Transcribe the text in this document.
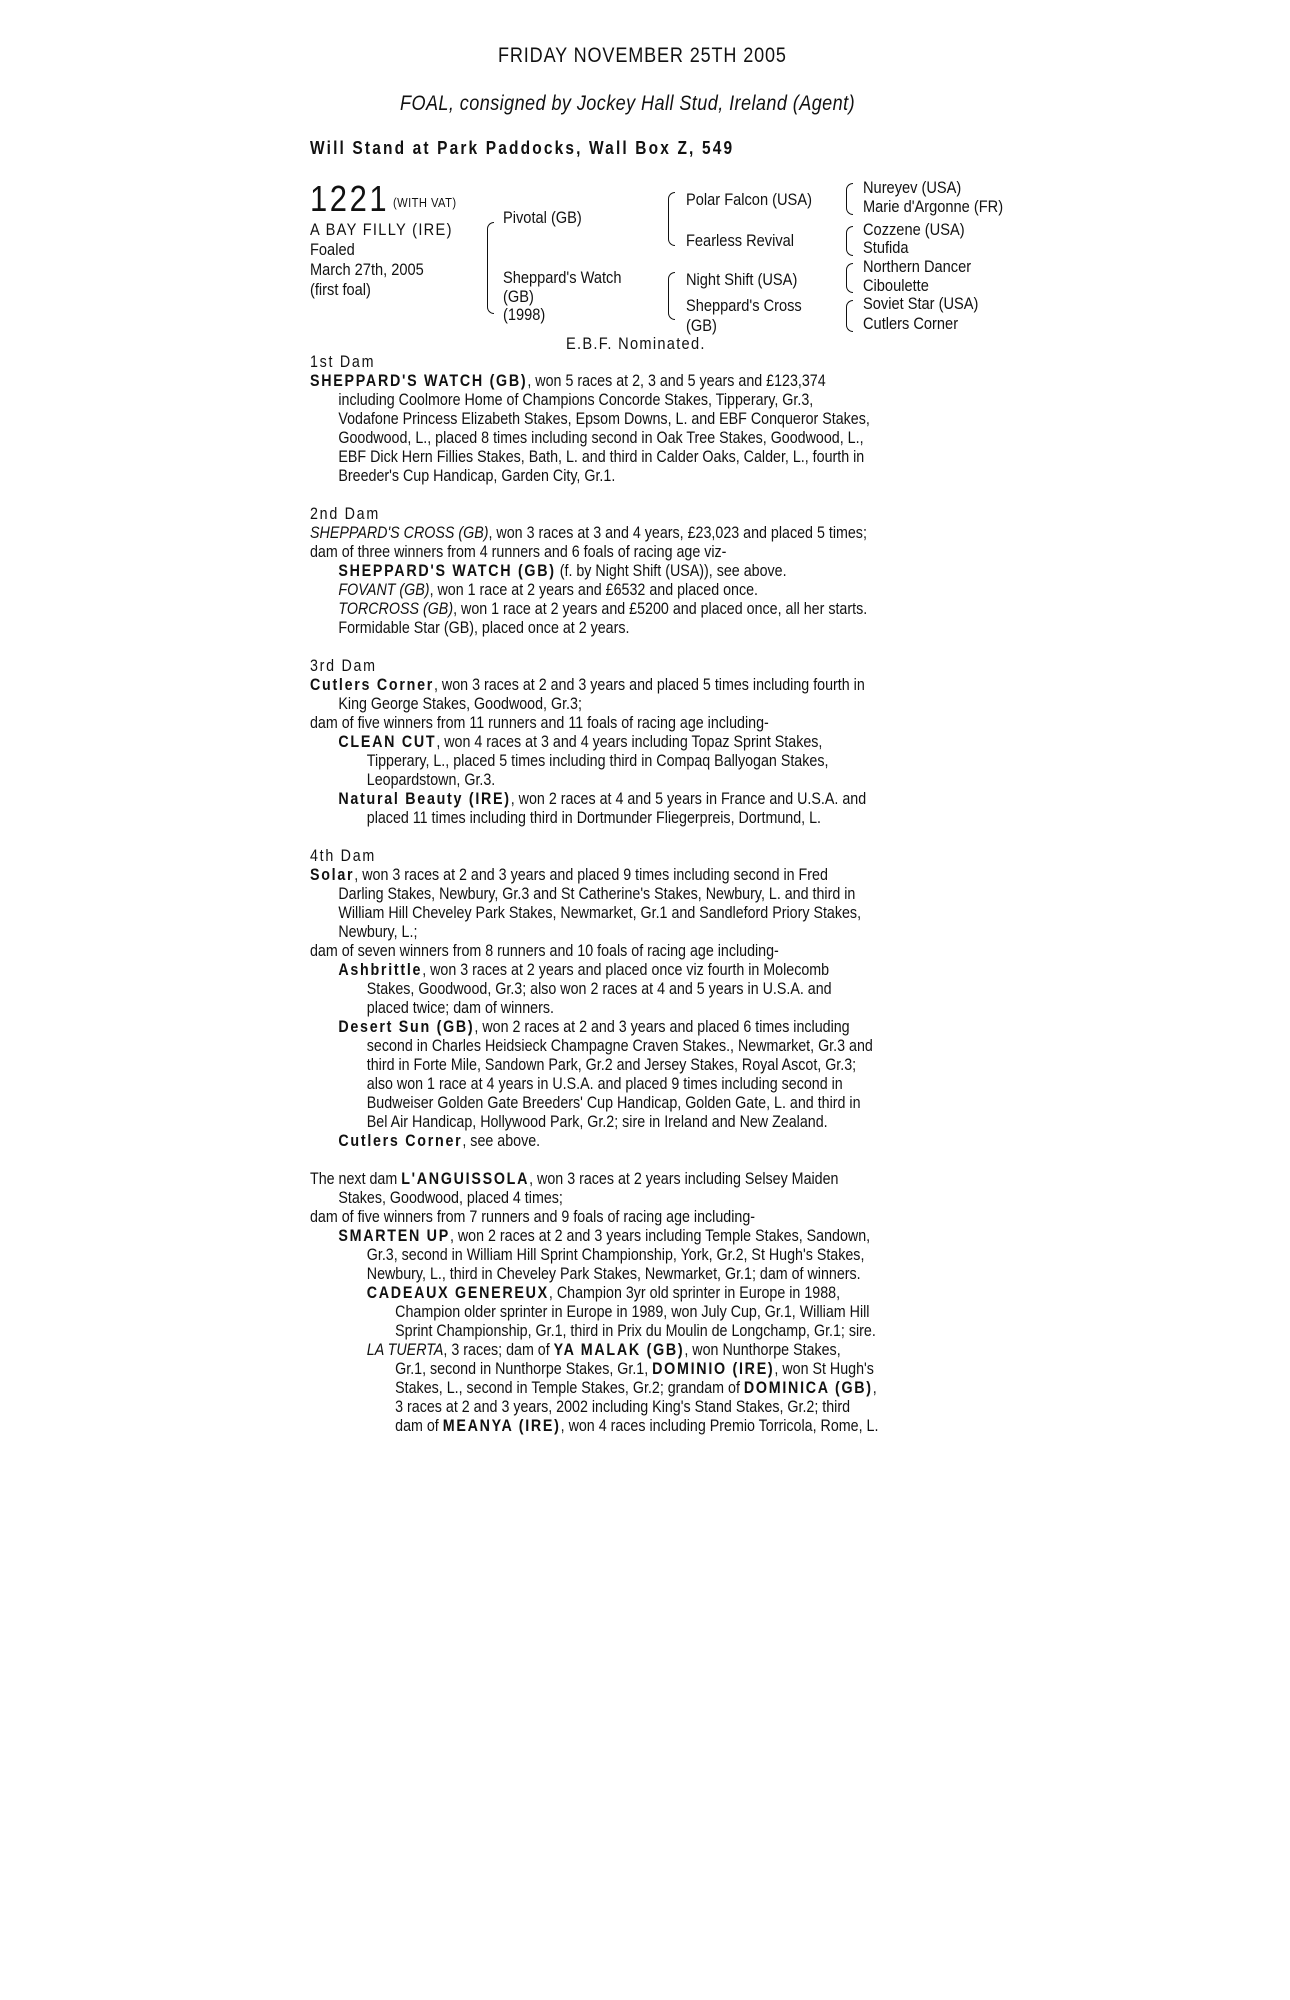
FRIDAY NOVEMBER 25TH 2005
FOAL, consigned by Jockey Hall Stud, Ireland (Agent)
Will Stand at Park Paddocks, Wall Box Z, 549
1221 (WITH VAT)
A BAY FILLY (IRE)
Foaled
March 27th, 2005
(first foal)
Pivotal (GB)
Sheppard's Watch
(GB)
(1998)
Polar Falcon (USA)
Fearless Revival
Night Shift (USA)
Sheppard's Cross
(GB)
Nureyev (USA)
Marie d'Argonne (FR)
Cozzene (USA)
Stufida
Northern Dancer
Ciboulette
Soviet Star (USA)
Cutlers Corner
E.B.F. Nominated.
1st Dam
SHEPPARD'S WATCH (GB), won 5 races at 2, 3 and 5 years and £123,374
including Coolmore Home of Champions Concorde Stakes, Tipperary, Gr.3,
Vodafone Princess Elizabeth Stakes, Epsom Downs, L. and EBF Conqueror Stakes,
Goodwood, L., placed 8 times including second in Oak Tree Stakes, Goodwood, L.,
EBF Dick Hern Fillies Stakes, Bath, L. and third in Calder Oaks, Calder, L., fourth in
Breeder's Cup Handicap, Garden City, Gr.1.
2nd Dam
SHEPPARD'S CROSS (GB), won 3 races at 3 and 4 years, £23,023 and placed 5 times;
dam of three winners from 4 runners and 6 foals of racing age viz-
SHEPPARD'S WATCH (GB) (f. by Night Shift (USA)), see above.
FOVANT (GB), won 1 race at 2 years and £6532 and placed once.
TORCROSS (GB), won 1 race at 2 years and £5200 and placed once, all her starts.
Formidable Star (GB), placed once at 2 years.
3rd Dam
Cutlers Corner, won 3 races at 2 and 3 years and placed 5 times including fourth in
King George Stakes, Goodwood, Gr.3;
dam of five winners from 11 runners and 11 foals of racing age including-
CLEAN CUT, won 4 races at 3 and 4 years including Topaz Sprint Stakes,
Tipperary, L., placed 5 times including third in Compaq Ballyogan Stakes,
Leopardstown, Gr.3.
Natural Beauty (IRE), won 2 races at 4 and 5 years in France and U.S.A. and
placed 11 times including third in Dortmunder Fliegerpreis, Dortmund, L.
4th Dam
Solar, won 3 races at 2 and 3 years and placed 9 times including second in Fred
Darling Stakes, Newbury, Gr.3 and St Catherine's Stakes, Newbury, L. and third in
William Hill Cheveley Park Stakes, Newmarket, Gr.1 and Sandleford Priory Stakes,
Newbury, L.;
dam of seven winners from 8 runners and 10 foals of racing age including-
Ashbrittle, won 3 races at 2 years and placed once viz fourth in Molecomb
Stakes, Goodwood, Gr.3; also won 2 races at 4 and 5 years in U.S.A. and
placed twice; dam of winners.
Desert Sun (GB), won 2 races at 2 and 3 years and placed 6 times including
second in Charles Heidsieck Champagne Craven Stakes., Newmarket, Gr.3 and
third in Forte Mile, Sandown Park, Gr.2 and Jersey Stakes, Royal Ascot, Gr.3;
also won 1 race at 4 years in U.S.A. and placed 9 times including second in
Budweiser Golden Gate Breeders' Cup Handicap, Golden Gate, L. and third in
Bel Air Handicap, Hollywood Park, Gr.2; sire in Ireland and New Zealand.
Cutlers Corner, see above.
The next dam L'ANGUISSOLA, won 3 races at 2 years including Selsey Maiden
Stakes, Goodwood, placed 4 times;
dam of five winners from 7 runners and 9 foals of racing age including-
SMARTEN UP, won 2 races at 2 and 3 years including Temple Stakes, Sandown,
Gr.3, second in William Hill Sprint Championship, York, Gr.2, St Hugh's Stakes,
Newbury, L., third in Cheveley Park Stakes, Newmarket, Gr.1; dam of winners.
CADEAUX GENEREUX, Champion 3yr old sprinter in Europe in 1988,
Champion older sprinter in Europe in 1989, won July Cup, Gr.1, William Hill
Sprint Championship, Gr.1, third in Prix du Moulin de Longchamp, Gr.1; sire.
LA TUERTA, 3 races; dam of YA MALAK (GB), won Nunthorpe Stakes,
Gr.1, second in Nunthorpe Stakes, Gr.1, DOMINIO (IRE), won St Hugh's
Stakes, L., second in Temple Stakes, Gr.2; grandam of DOMINICA (GB),
3 races at 2 and 3 years, 2002 including King's Stand Stakes, Gr.2; third
dam of MEANYA (IRE), won 4 races including Premio Torricola, Rome, L.
